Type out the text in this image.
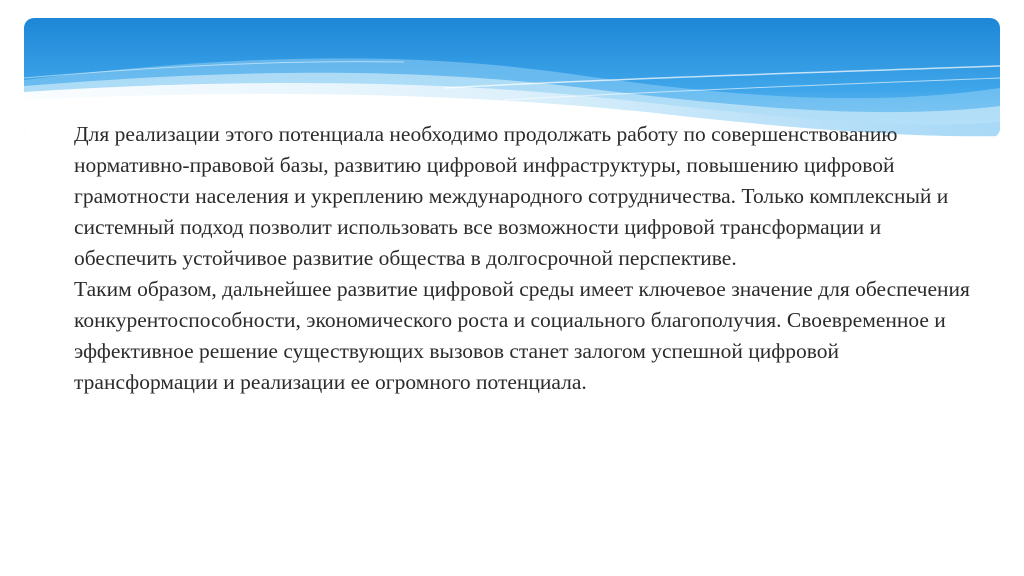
Для реализации этого потенциала необходимо продолжать работу по совершенствованию нормативно-правовой базы, развитию цифровой инфраструктуры, повышению цифровой грамотности населения и укреплению международного сотрудничества. Только комплексный и системный подход позволит использовать все возможности цифровой трансформации и обеспечить устойчивое развитие общества в долгосрочной перспективе.

Таким образом, дальнейшее развитие цифровой среды имеет ключевое значение для обеспечения конкурентоспособности, экономического роста и социального благополучия. Своевременное и эффективное решение существующих вызовов станет залогом успешной цифровой трансформации и реализации ее огромного потенциала.
